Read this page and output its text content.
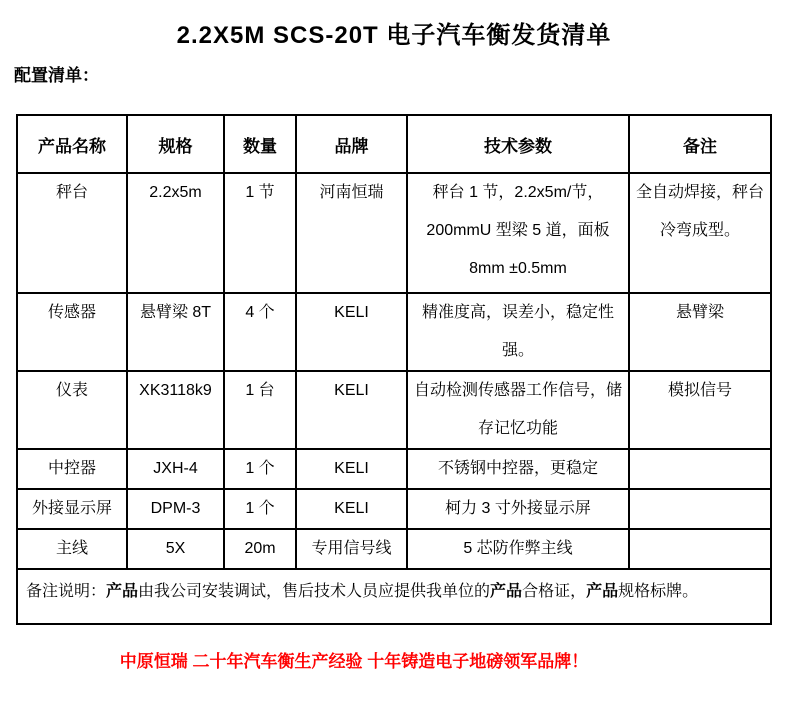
2.2X5M SCS-20T 电子汽车衡发货清单
配置清单：
产品名称	规格	数量	品牌	技术参数	备注
秤台	2.2x5m	1 节	河南恒瑞	秤台 1 节，2.2x5m/节，200mmU 型梁 5 道，面板 8mm ±0.5mm	全自动焊接，秤台冷弯成型。
传感器	悬臂梁 8T	4 个	KELI	精准度高，误差小，稳定性强。	悬臂梁
仪表	XK3118k9	1 台	KELI	自动检测传感器工作信号，储存记忆功能	模拟信号
中控器	JXH-4	1 个	KELI	不锈钢中控器，更稳定	
外接显示屏	DPM-3	1 个	KELI	柯力 3 寸外接显示屏	
主线	5X	20m	专用信号线	5 芯防作弊主线	
备注说明：产品由我公司安装调试，售后技术人员应提供我单位的产品合格证，产品规格标牌。					
中原恒瑞 二十年汽车衡生产经验 十年铸造电子地磅领军品牌！
